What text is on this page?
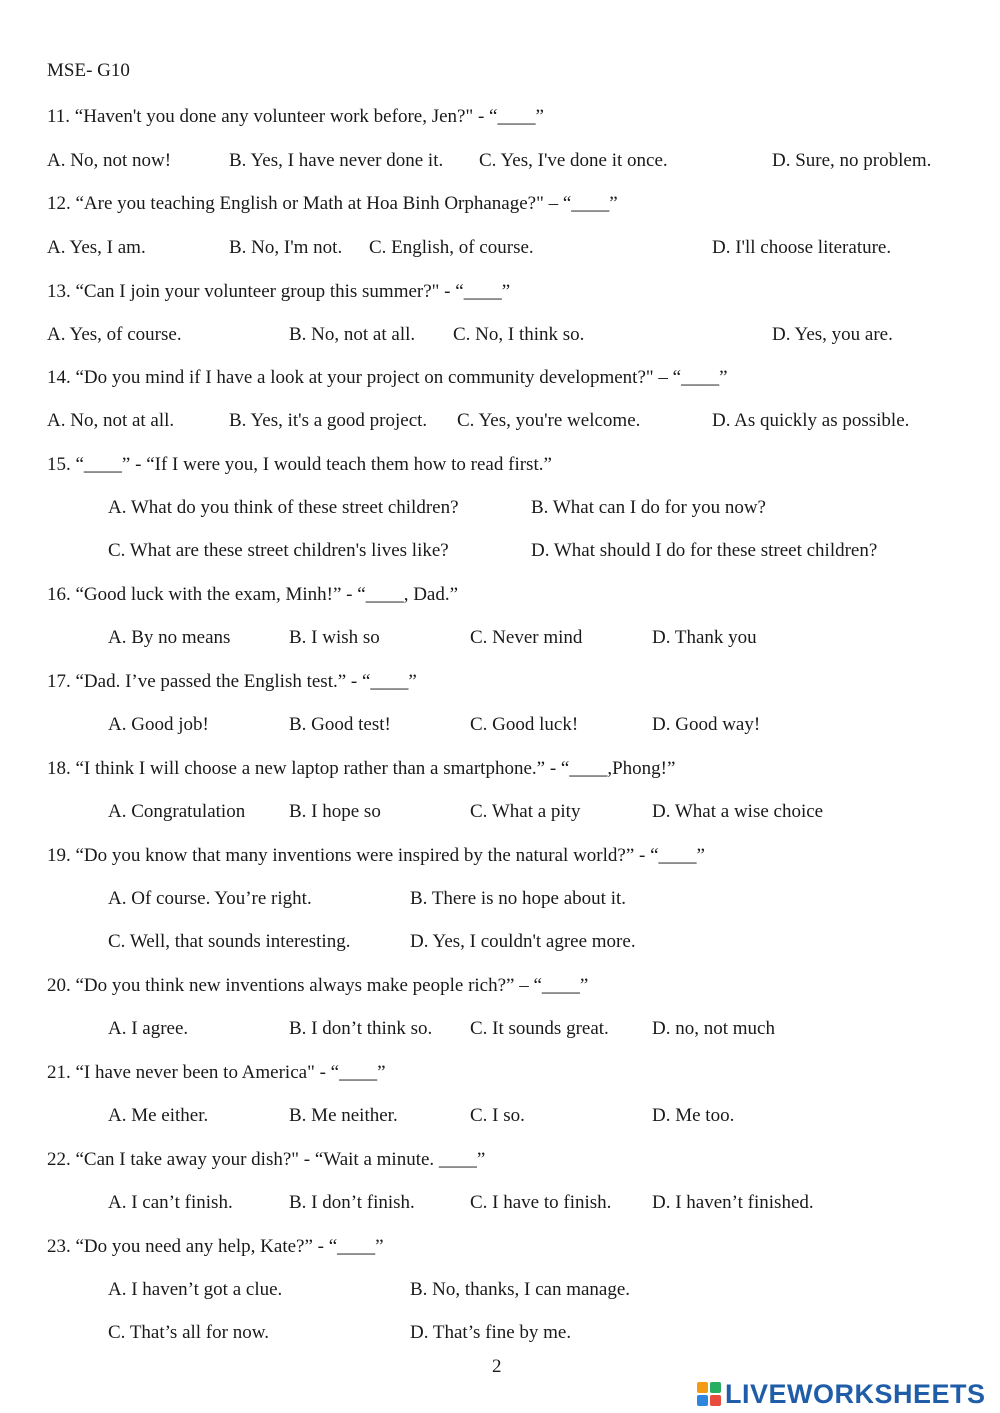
MSE- G10
11. “Haven't you done any volunteer work before, Jen?" - “____”
A. No, not now!	B. Yes, I have never done it. C. Yes, I've done it once.	D. Sure, no problem.
12. “Are you teaching English or Math at Hoa Binh Orphanage?" – “____”
A. Yes, I am.	B. No, I'm not. C. English, of course.	D. I'll choose literature.
13. “Can I join your volunteer group this summer?" - “____”
A. Yes, of course.	B. No, not at all. C. No, I think so.	D. Yes, you are.
14. “Do you mind if I have a look at your project on community development?" – “____”
A. No, not at all.	B. Yes, it's a good project. C. Yes, you're welcome.	D. As quickly as possible.
15. “____” - “If I were you, I would teach them how to read first.”
A. What do you think of these street children?	B. What can I do for you now?
C. What are these street children's lives like?	D. What should I do for these street children?
16. “Good luck with the exam, Minh!” - “____, Dad.”
A. By no means	B. I wish so	C. Never mind	D. Thank you
17. “Dad. I’ve passed the English test.” - “____”
A. Good job!	B. Good test!	C. Good luck!	D. Good way!
18. “I think I will choose a new laptop rather than a smartphone.” - “____,Phong!”
A. Congratulation B. I hope so	C. What a pity	D. What a wise choice
19. “Do you know that many inventions were inspired by the natural world?” - “____”
A. Of course. You’re right.	B. There is no hope about it.
C. Well, that sounds interesting.	D. Yes, I couldn't agree more.
20. “Do you think new inventions always make people rich?” – “____”
A. I agree.	B. I don’t think so. C. It sounds great. D. no, not much
21. “I have never been to America" - “____”
A. Me either.	B. Me neither.	C. I so.	D. Me too.
22. “Can I take away your dish?" - “Wait a minute. ____”
A. I can’t finish.	B. I don’t finish.	C. I have to finish. D. I haven’t finished.
23. “Do you need any help, Kate?” - “____”
A. I haven’t got a clue.	B. No, thanks, I can manage.
C. That’s all for now.	D. That’s fine by me.
2
LIVEWORKSHEETS
